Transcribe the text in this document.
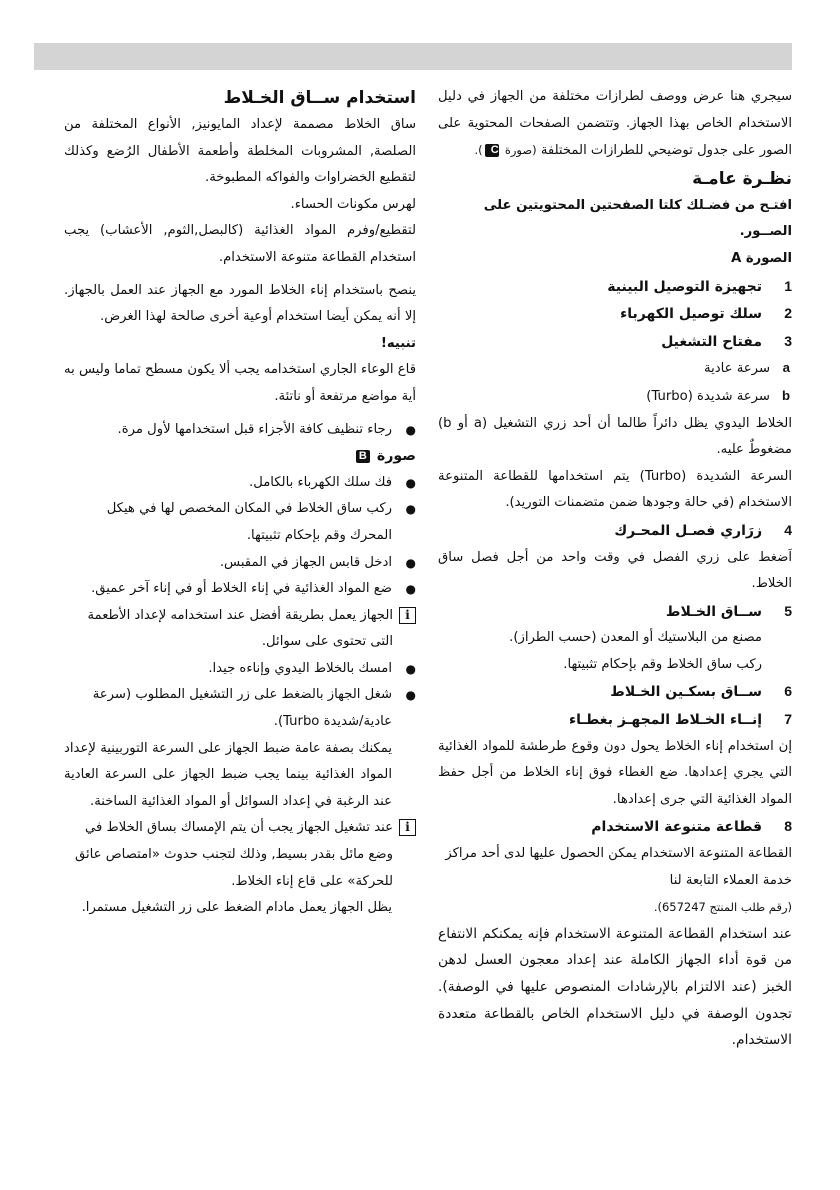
سيجري هنا عرض ووصف لطرازات مختلفة من الجهاز في دليل الاستخدام الخاص بهذا الجهاز. وتتضمن الصفحات المحتوية على الصور على جدول توضيحي للطرازات المختلفة (صورة C).

نظـرة عامـة

افتـح من فضـلك كلتا الصفحتين المحتويتين على الصــور.

الصورة A

1
تجهيزة التوصيل البينية
2
سلك توصيل الكهرباء
3
مفتاح التشغيل
a
سرعة عادية
b
سرعة شديدة (Turbo)

الخلاط اليدوي يظل دائراً طالما أن أحد زري التشغيل (a أو b) مضغوطٌ عليه.

السرعة الشديدة (Turbo) يتم استخدامها للقطاعة المتنوعة الاستخدام (في حالة وجودها ضمن متضمنات التوريد).

4
زرَاري فصـل المحـرك

اَضغط على زري الفصل في وقت واحد من أجل فصل ساق الخلاط.

5
ســاق الخـلاط

مصنع من البلاستيك أو المعدن (حسب الطراز).

ركب ساق الخلاط وقم بإحكام تثبيتها.

6
ســاق بسكـين الخـلاط
7
إنــاء الخـلاط المجهـز بغطـاء

إن استخدام إناء الخلاط يحول دون وقوع طرطشة للمواد الغذائية التي يجري إعدادها. ضع الغطاء فوق إناء الخلاط من أجل حفظ المواد الغذائية التي جرى إعدادها.

8
قطاعة متنوعة الاستخدام

القطاعة المتنوعة الاستخدام يمكن الحصول عليها لدى أحد مراكز خدمة العملاء التابعة لنا

(رقم طلب المنتج 657247).

عند استخدام القطاعة المتنوعة الاستخدام فإنه يمكنكم الانتفاع من قوة أداء الجهاز الكاملة عند إعداد معجون العسل لدهن الخبز (عند الالتزام بالإرشادات المنصوص عليها في الوصفة). تجدون الوصفة في دليل الاستخدام الخاص بالقطاعة متعددة الاستخدام.

استخدام ســاق الخـلاط

ساق الخلاط مصممة لإعداد المايونيز, الأنواع المختلفة من الصلصة, المشروبات المخلطة وأطعمة الأطفال الرُضع وكذلك لتقطيع الخضراوات والفواكه المطبوخة.

لهرس مكونات الحساء.

لتقطيع/وفرم المواد الغذائية (كالبصل,الثوم, الأعشاب) يجب استخدام القطاعة متنوعة الاستخدام.

ينصح باستخدام إناء الخلاط المورد مع الجهاز عند العمل بالجهاز. إلا أنه يمكن أيضا استخدام أوعية أخرى صالحة لهذا الغرض.

تنبيه!

قاع الوعاء الجاري استخدامه يجب ألا يكون مسطح تماما وليس به أية مواضع مرتفعة أو ناتئة.

●
رجاء تنظيف كافة الأجزاء قبل استخدامها لأول مرة.

صورة B

●
فك سلك الكهرباء بالكامل.
●
ركب ساق الخلاط في المكان المخصص لها في هيكل المحرك وقم بإحكام تثبيتها.
●
ادخل قابس الجهاز في المقبس.
●
ضع المواد الغذائية في إناء الخلاط أو في إناء آخر عميق.
i
الجهاز يعمل بطريقة أفضل عند استخدامه لإعداد الأطعمة التى تحتوى على سوائل.
●
امسك بالخلاط اليدوي وإناءه جيدا.
●
شغل الجهاز بالضغط على زر التشغيل المطلوب (سرعة عادية/شديدة Turbo).

يمكنك بصفة عامة ضبط الجهاز على السرعة التوربينية لإعداد المواد الغذائية بينما يجب ضبط الجهاز على السرعة العادية عند الرغبة في إعداد السوائل أو المواد الغذائية الساخنة.

i
عند تشغيل الجهاز يجب أن يتم الإمساك بساق الخلاط في وضع مائل بقدر بسيط, وذلك لتجنب حدوث «امتصاص عائق للحركة» على قاع إناء الخلاط.

يظل الجهاز يعمل مادام الضغط على زر التشغيل مستمرا.
